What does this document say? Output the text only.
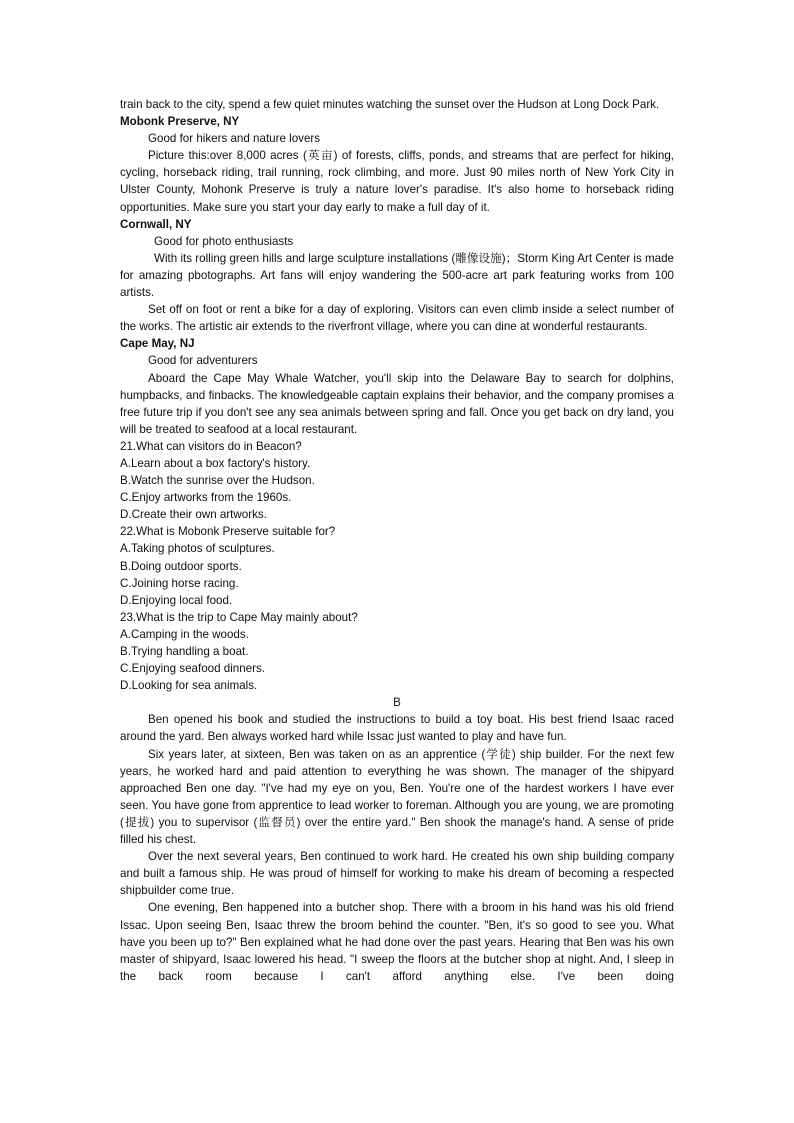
train back to the city, spend a few quiet minutes watching the sunset over the Hudson at Long Dock Park.

Mobonk Preserve, NY

Good for hikers and nature lovers

Picture this:over 8,000 acres (英亩) of forests, cliffs, ponds, and streams that are perfect for hiking, cycling, horseback riding, trail running, rock climbing, and more. Just 90 miles north of New York City in Ulster County, Mohonk Preserve is truly a nature lover's paradise. It's also home to horseback riding opportunities. Make sure you start your day early to make a full day of it.

Cornwall, NY

Good for photo enthusiasts

With its rolling green hills and large sculpture installations (雕像设施)；Storm King Art Center is made for amazing pbotographs. Art fans will enjoy wandering the 500-acre art park featuring works from 100 artists.

Set off on foot or rent a bike for a day of exploring. Visitors can even climb inside a select number of the works. The artistic air extends to the riverfront village, where you can dine at wonderful restaurants.

Cape May, NJ

Good for adventurers

Aboard the Cape May Whale Watcher, you'll skip into the Delaware Bay to search for dolphins, humpbacks, and finbacks. The knowledgeable captain explains their behavior, and the company promises a free future trip if you don't see any sea animals between spring and fall. Once you get back on dry land, you will be treated to seafood at a local restaurant.

21.What can visitors do in Beacon?

A.Learn about a box factory's history.

B.Watch the sunrise over the Hudson.

C.Enjoy artworks from the 1960s.

D.Create their own artworks.

22.What is Mobonk Preserve suitable for?

A.Taking photos of sculptures.

B.Doing outdoor sports.

C.Joining horse racing.

D.Enjoying local food.

23.What is the trip to Cape May mainly about?

A.Camping in the woods.

B.Trying handling a boat.

C.Enjoying seafood dinners.

D.Looking for sea animals.

B

Ben opened his book and studied the instructions to build a toy boat. His best friend Isaac raced around the yard. Ben always worked hard while Issac just wanted to play and have fun.

Six years later, at sixteen, Ben was taken on as an apprentice (学徒) ship builder. For the next few years, he worked hard and paid attention to everything he was shown. The manager of the shipyard approached Ben one day. "I've had my eye on you, Ben. You're one of the hardest workers I have ever seen. You have gone from apprentice to lead worker to foreman. Although you are young, we are promoting (提拔) you to supervisor (监督员) over the entire yard." Ben shook the manage's hand. A sense of pride filled his chest.

Over the next several years, Ben continued to work hard. He created his own ship building company and built a famous ship. He was proud of himself for working to make his dream of becoming a respected shipbuilder come true.

One evening, Ben happened into a butcher shop. There with a broom in his hand was his old friend Issac. Upon seeing Ben, Isaac threw the broom behind the counter. "Ben, it's so good to see you. What have you been up to?" Ben explained what he had done over the past years. Hearing that Ben was his own master of shipyard, Isaac lowered his head. "I sweep the floors at the butcher shop at night. And, I sleep in the back room because I can't afford anything else. I've been doing
